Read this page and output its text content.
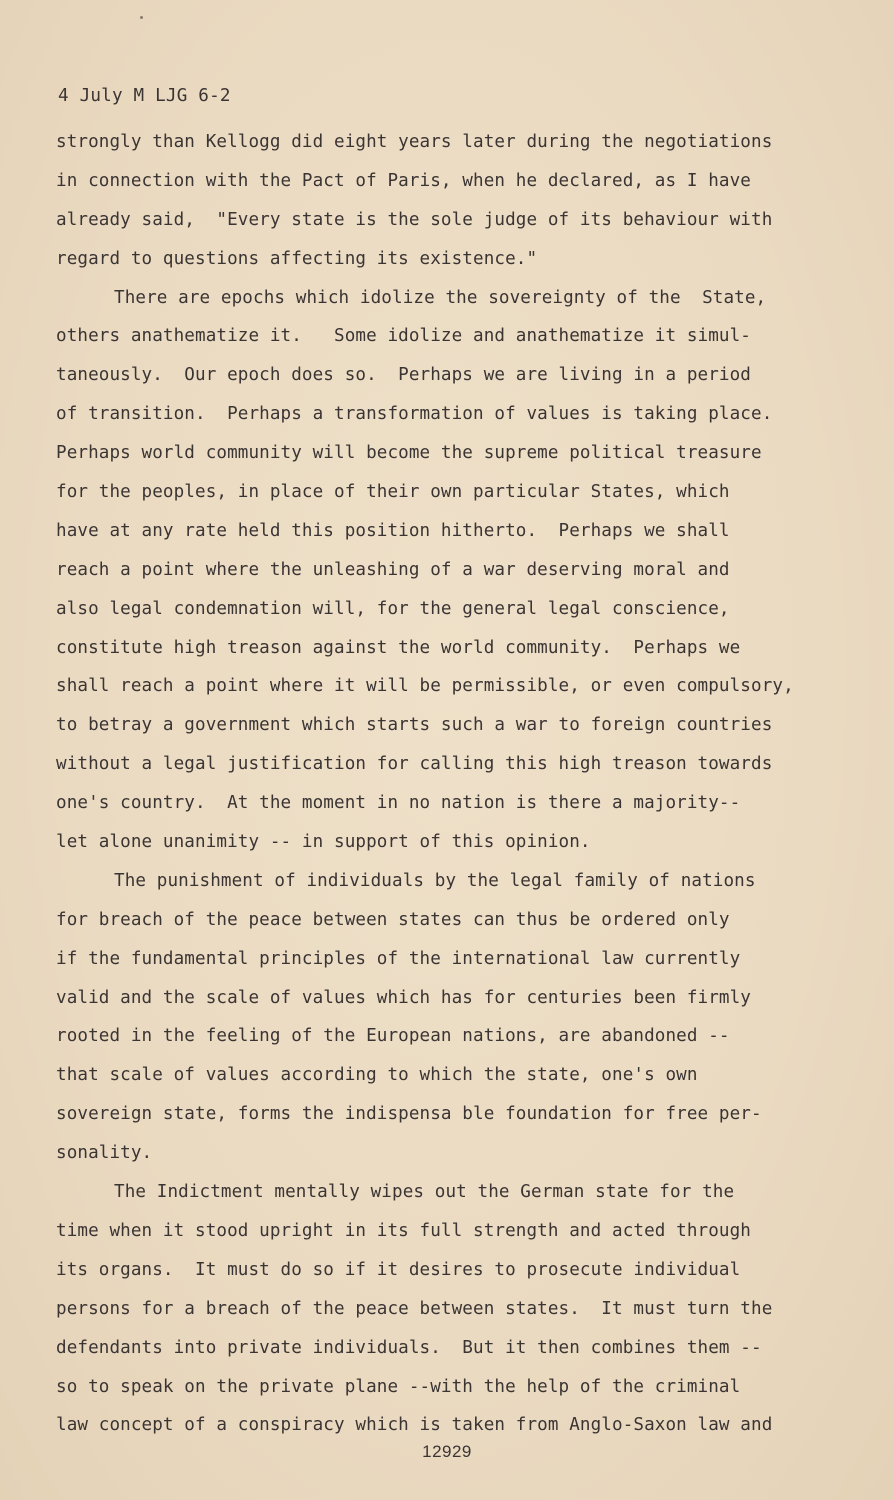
4 July M LJG 6-2
strongly than Kellogg did eight years later during the negotiations
in connection with the Pact of Paris, when he declared, as I have
already said,  "Every state is the sole judge of its behaviour with
regard to questions affecting its existence."
There are epochs which idolize the sovereignty of the  State,
others anathematize it.   Some idolize and anathematize it simul-
taneously.  Our epoch does so.  Perhaps we are living in a period
of transition.  Perhaps a transformation of values is taking place.
Perhaps world community will become the supreme political treasure
for the peoples, in place of their own particular States, which
have at any rate held this position hitherto.  Perhaps we shall
reach a point where the unleashing of a war deserving moral and
also legal condemnation will, for the general legal conscience,
constitute high treason against the world community.  Perhaps we
shall reach a point where it will be permissible, or even compulsory,
to betray a government which starts such a war to foreign countries
without a legal justification for calling this high treason towards
one's country.  At the moment in no nation is there a majority--
let alone unanimity -- in support of this opinion.
The punishment of individuals by the legal family of nations
for breach of the peace between states can thus be ordered only
if the fundamental principles of the international law currently
valid and the scale of values which has for centuries been firmly
rooted in the feeling of the European nations, are abandoned --
that scale of values according to which the state, one's own
sovereign state, forms the indispensa ble foundation for free per-
sonality.
The Indictment mentally wipes out the German state for the
time when it stood upright in its full strength and acted through
its organs.  It must do so if it desires to prosecute individual
persons for a breach of the peace between states.  It must turn the
defendants into private individuals.  But it then combines them --
so to speak on the private plane --with the help of the criminal
law concept of a conspiracy which is taken from Anglo-Saxon law and
12929
